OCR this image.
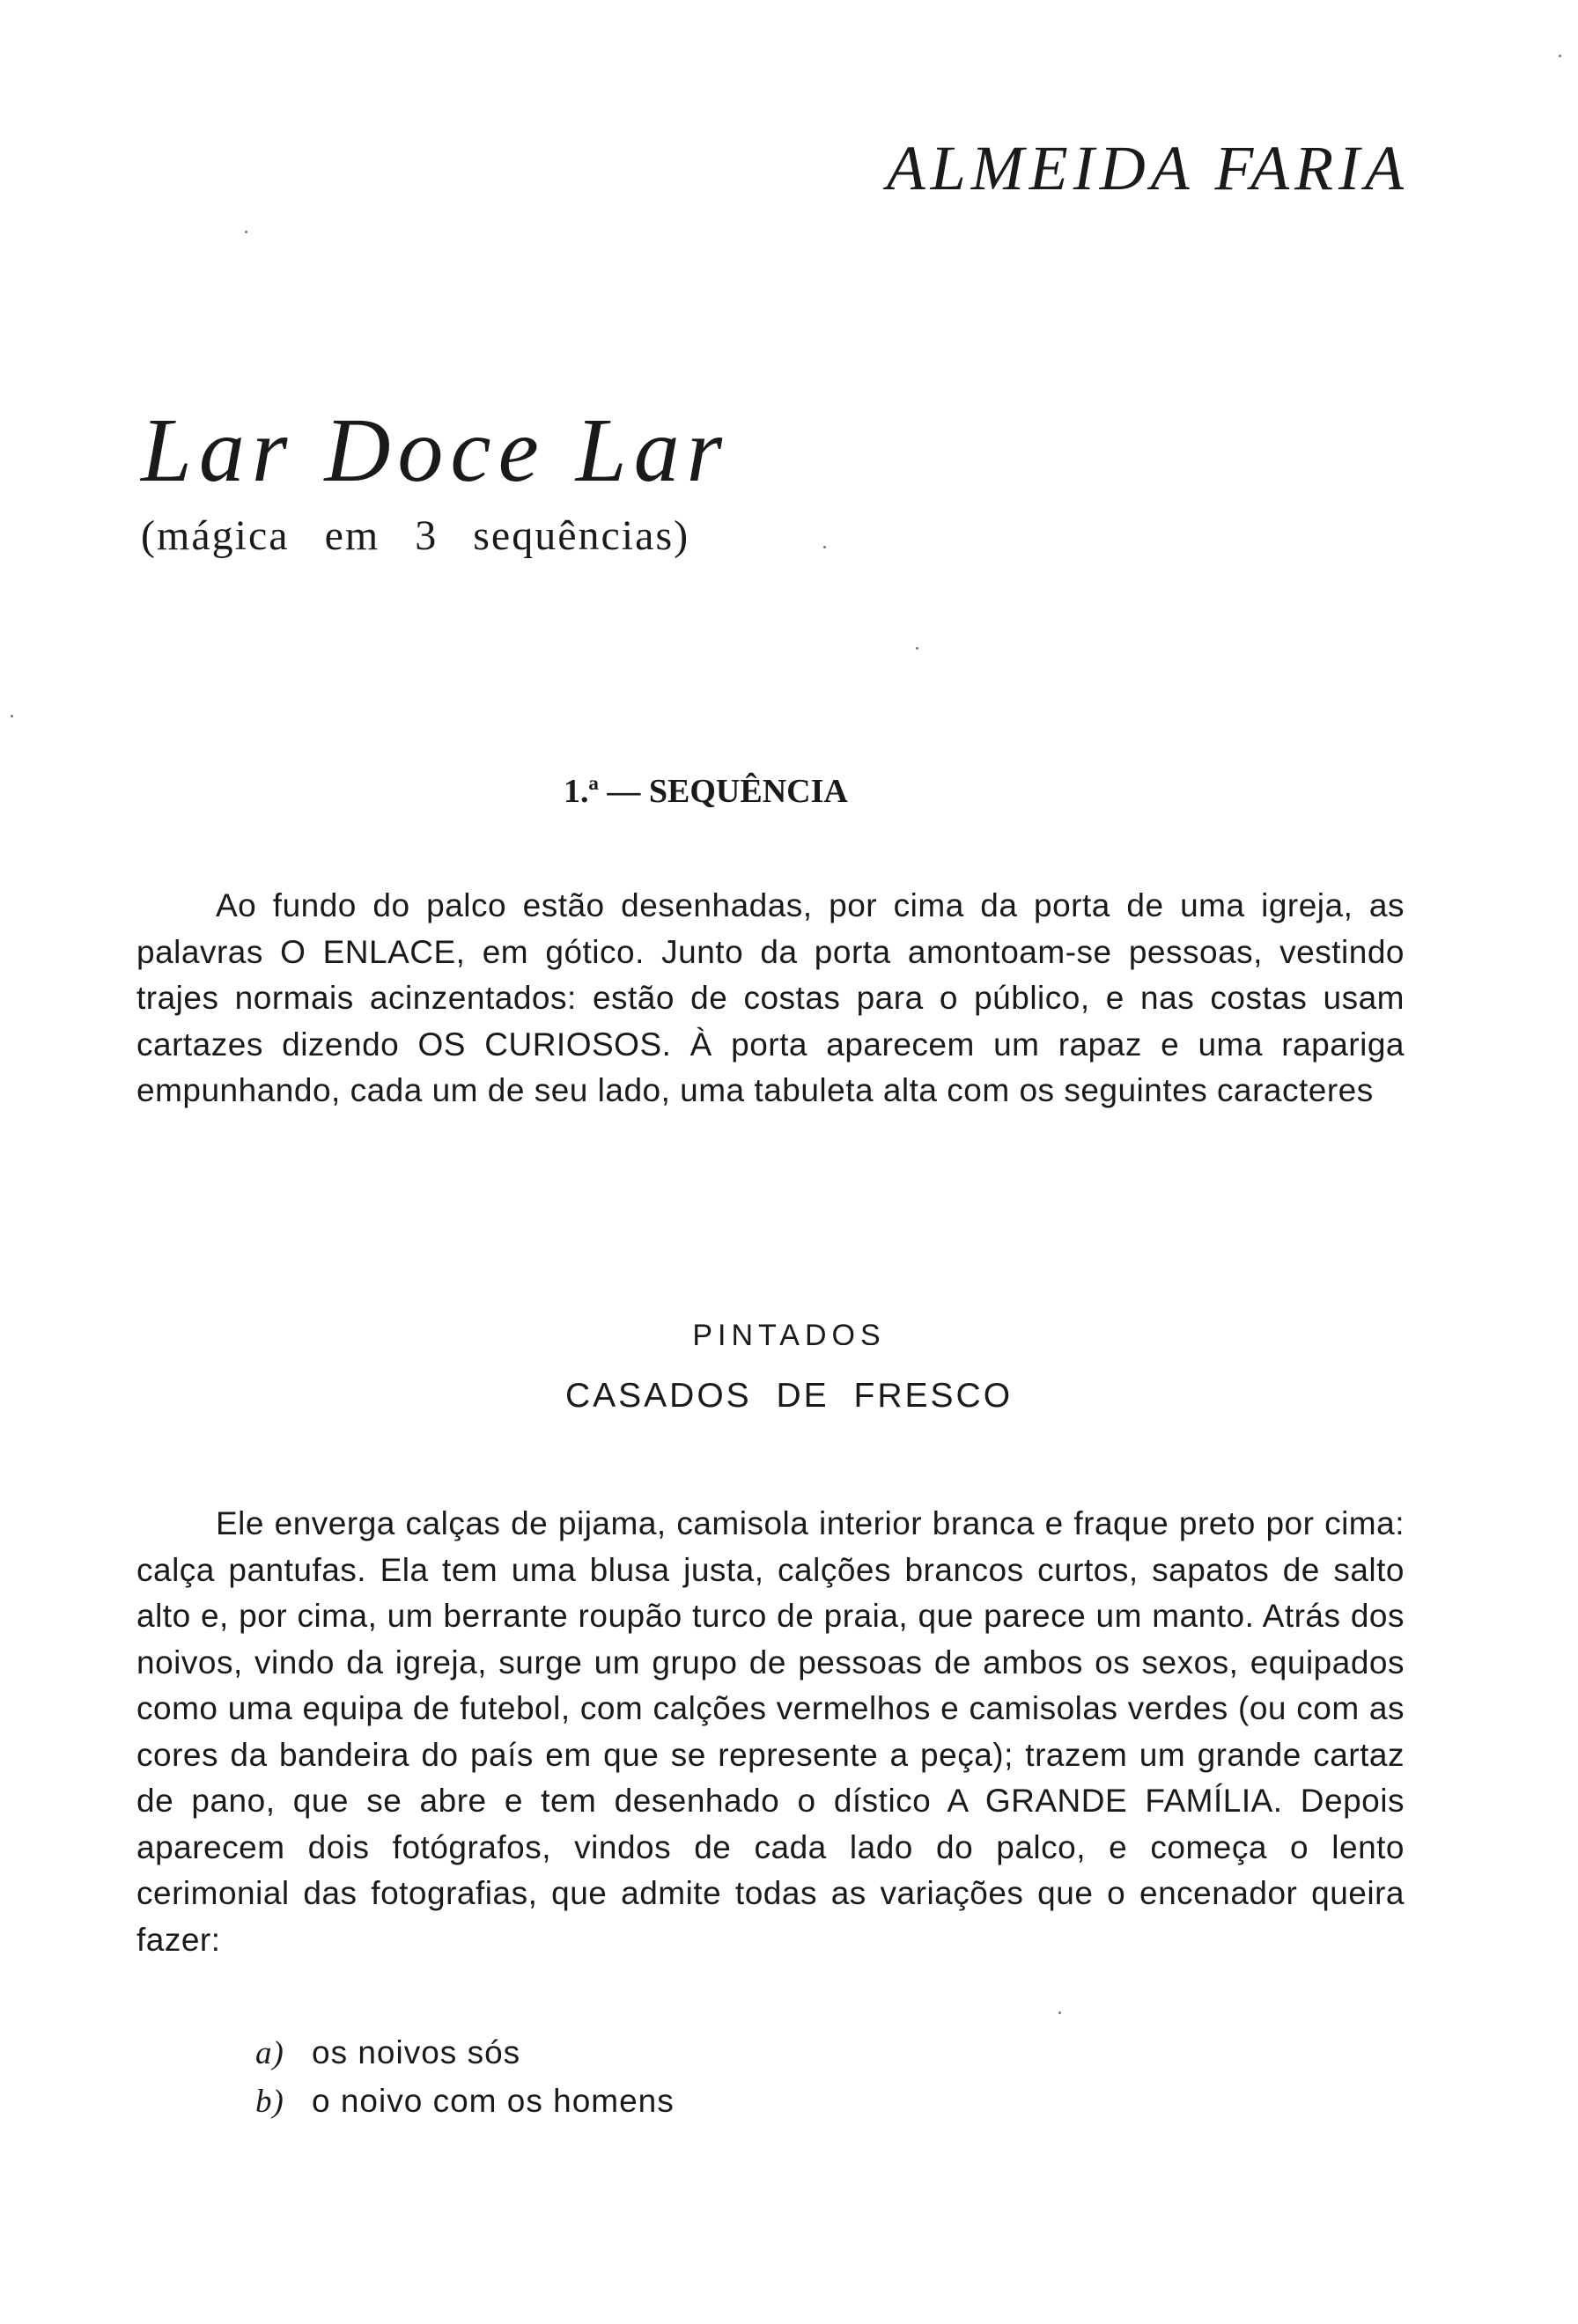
ALMEIDA FARIA
Lar Doce Lar
(mágica em 3 sequências)
1.ª — SEQUÊNCIA

Ao fundo do palco estão desenhadas, por cima da porta de uma igreja, as palavras O ENLACE, em gótico. Junto da porta amontoam-se pessoas, vestindo trajes normais acinzentados: estão de costas para o público, e nas costas usam cartazes dizendo OS CURIOSOS. À porta aparecem um rapaz e uma rapariga empunhando, cada um de seu lado, uma tabuleta alta com os seguintes caracteres

PINTADOS
CASADOS DE FRESCO

Ele enverga calças de pijama, camisola interior branca e fraque preto por cima: calça pantufas. Ela tem uma blusa justa, calções brancos curtos, sapatos de salto alto e, por cima, um berrante roupão turco de praia, que parece um manto. Atrás dos noivos, vindo da igreja, surge um grupo de pessoas de ambos os sexos, equipados como uma equipa de futebol, com calções vermelhos e camisolas verdes (ou com as cores da bandeira do país em que se represente a peça); trazem um grande cartaz de pano, que se abre e tem desenhado o dístico A GRANDE FAMÍLIA. Depois aparecem dois fotógrafos, vindos de cada lado do palco, e começa o lento cerimonial das fotografias, que admite todas as variações que o encenador queira fazer:

a) os noivos sós
b) o noivo com os homens
